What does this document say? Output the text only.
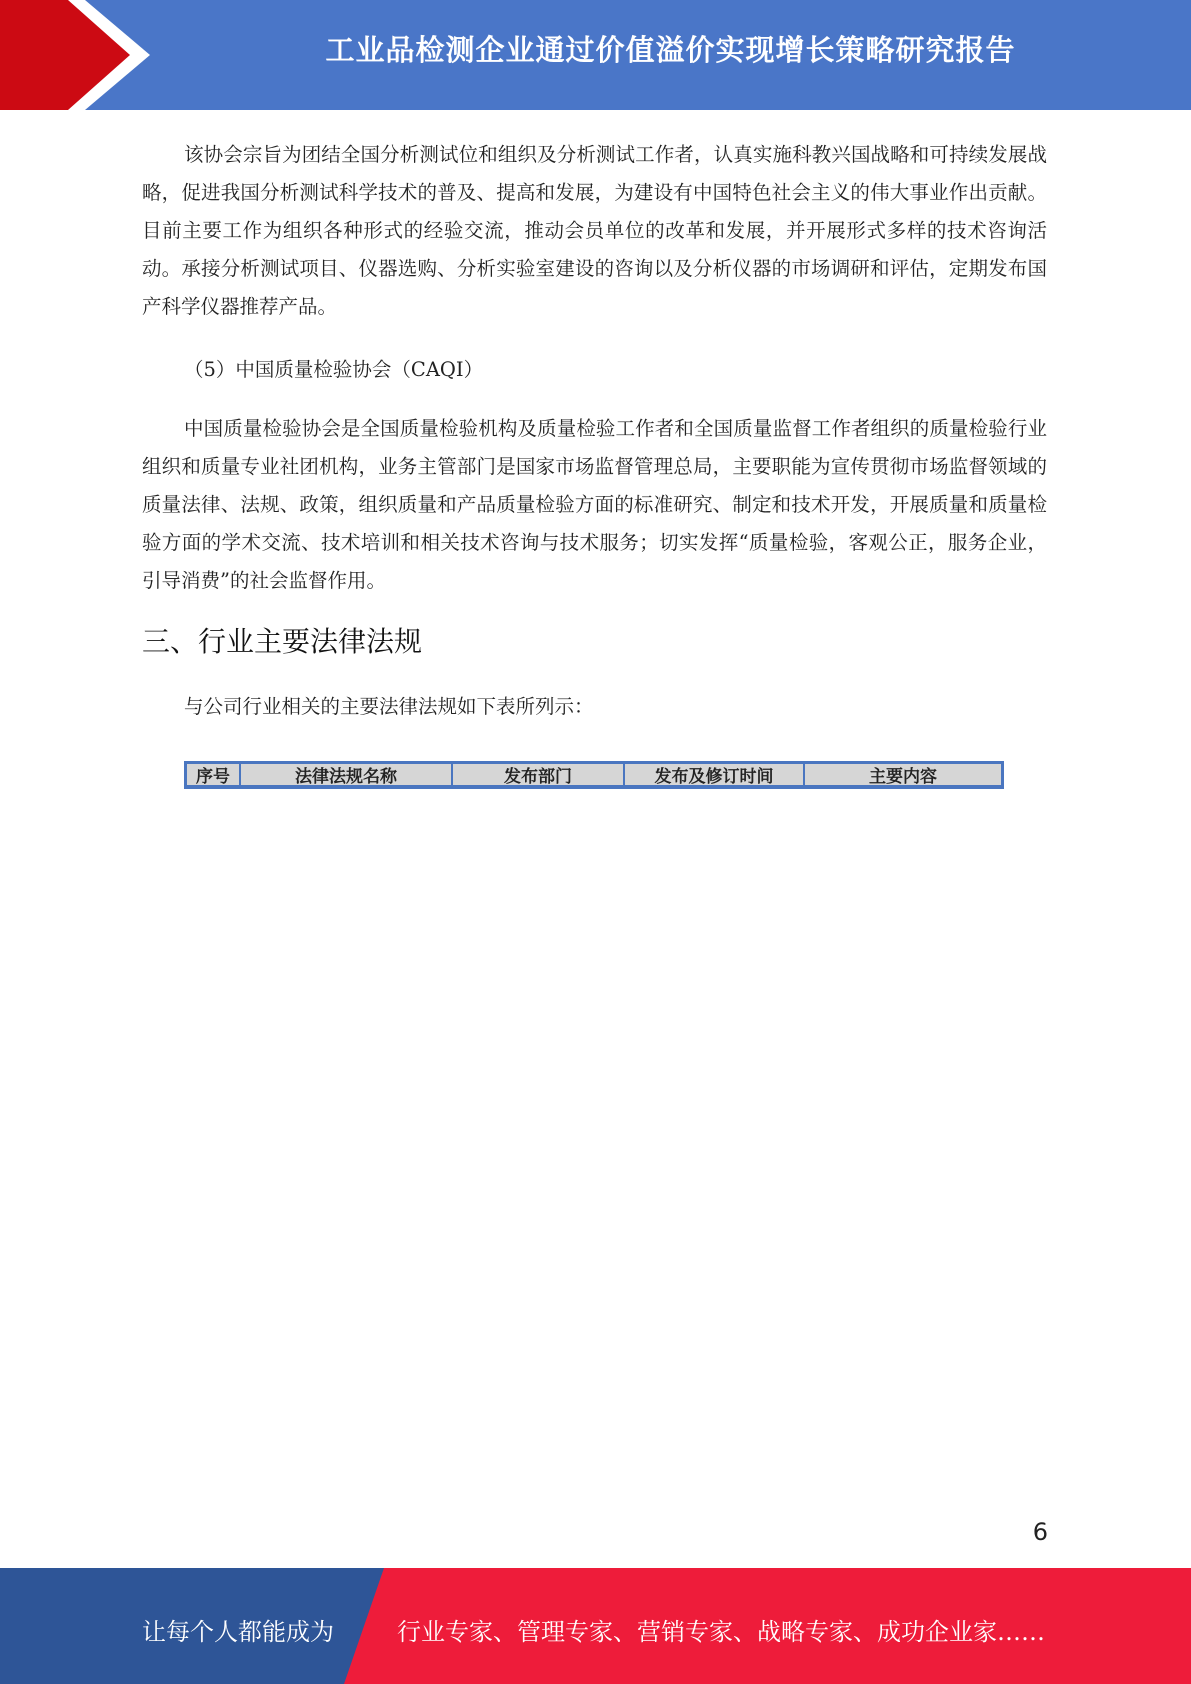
工业品检测企业通过价值溢价实现增长策略研究报告
该协会宗旨为团结全国分析测试位和组织及分析测试工作者，认真实施科教兴国战略和可持续发展战略，促进我国分析测试科学技术的普及、提高和发展，为建设有中国特色社会主义的伟大事业作出贡献。目前主要工作为组织各种形式的经验交流，推动会员单位的改革和发展，并开展形式多样的技术咨询活动。承接分析测试项目、仪器选购、分析实验室建设的咨询以及分析仪器的市场调研和评估，定期发布国产科学仪器推荐产品。
（5）中国质量检验协会（CAQI）
中国质量检验协会是全国质量检验机构及质量检验工作者和全国质量监督工作者组织的质量检验行业组织和质量专业社团机构，业务主管部门是国家市场监督管理总局，主要职能为宣传贯彻市场监督领域的质量法律、法规、政策，组织质量和产品质量检验方面的标准研究、制定和技术开发，开展质量和质量检验方面的学术交流、技术培训和相关技术咨询与技术服务；切实发挥“质量检验，客观公正，服务企业，引导消费”的社会监督作用。
三、行业主要法律法规
与公司行业相关的主要法律法规如下表所列示：
序号	法律法规名称	发布部门	发布及修订时间	主要内容
6
让每个人都能成为	行业专家、管理专家、营销专家、战略专家、成功企业家……
